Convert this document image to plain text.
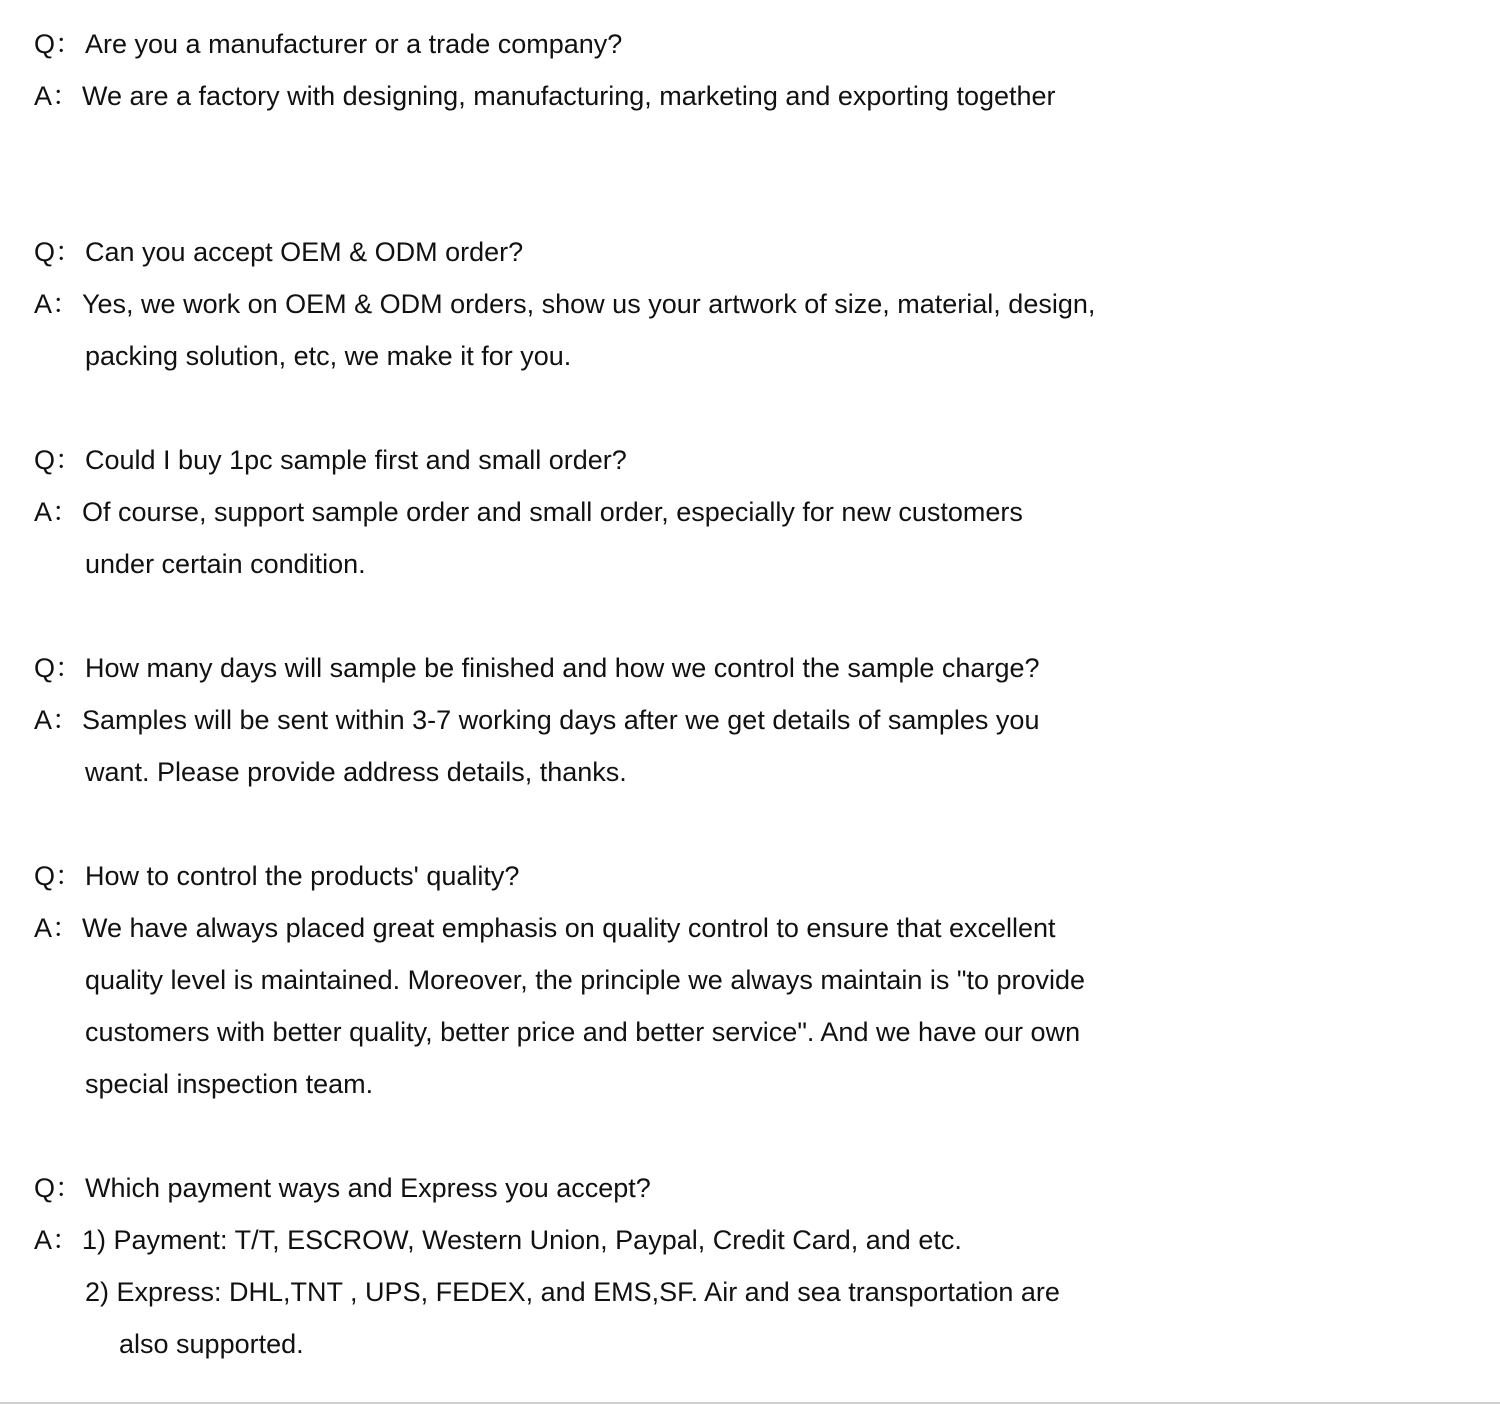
Q： Are you a manufacturer or a trade company?
A： We are a factory with designing, manufacturing, marketing and exporting together
Q： Can you accept OEM & ODM order?
A： Yes, we work on OEM & ODM orders, show us your artwork of size, material, design,
packing solution, etc, we make it for you.
Q： Could I buy 1pc sample first and small order?
A： Of course, support sample order and small order, especially for new customers
under certain condition.
Q： How many days will sample be finished and how we control the sample charge?
A： Samples will be sent within 3-7 working days after we get details of samples you
want. Please provide address details, thanks.
Q： How to control the products' quality?
A： We have always placed great emphasis on quality control to ensure that excellent
quality level is maintained. Moreover, the principle we always maintain is "to provide
customers with better quality, better price and better service". And we have our own
special inspection team.
Q： Which payment ways and Express you accept?
A： 1) Payment: T/T, ESCROW, Western Union, Paypal, Credit Card, and etc.
2) Express: DHL,TNT , UPS, FEDEX, and EMS,SF. Air and sea transportation are
also supported.
